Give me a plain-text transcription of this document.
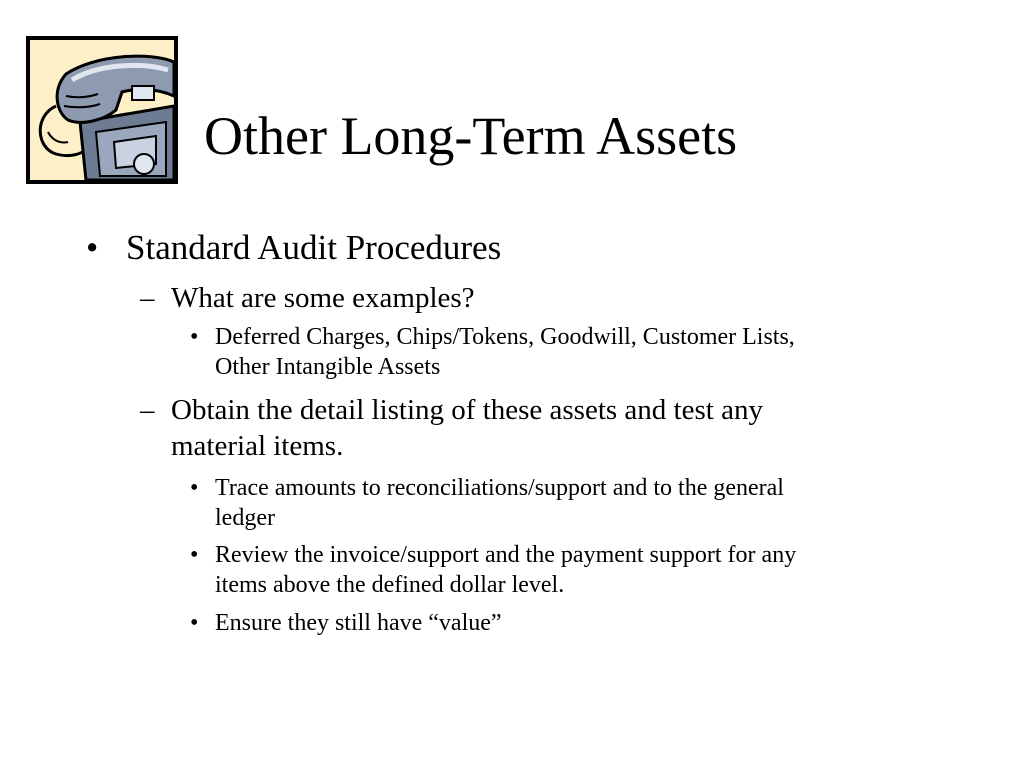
Other Long-Term Assets
• Standard Audit Procedures
– What are some examples?
• Deferred Charges, Chips/Tokens, Goodwill, Customer Lists,
Other Intangible Assets
– Obtain the detail listing of these assets and test any
material items.
• Trace amounts to reconciliations/support and to the general
ledger
• Review the invoice/support and the payment support for any
items above the defined dollar level.
• Ensure they still have “value”
